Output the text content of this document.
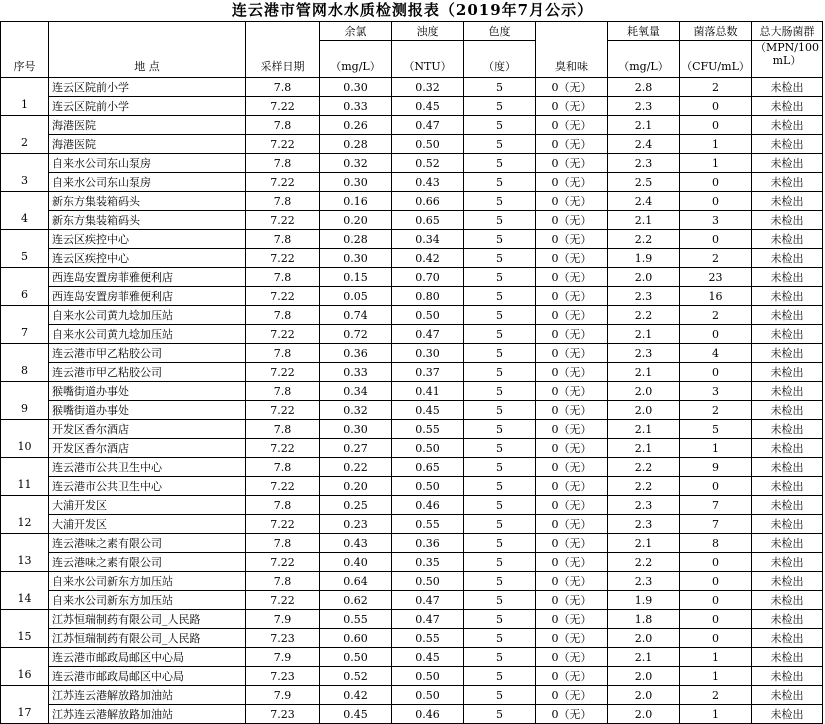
连云港市管网水水质检测报表（2019年7月公示）
序号	地 点	采样日期	余氯	浊度	色度	臭和味	耗氧量	菌落总数	总大肠菌群
			（mg/L）	（NTU）	（度）		（mg/L）	（CFU/mL）	（MPN/100 mL）
1	连云区院前小学	7.8	0.30	0.32	5	0（无）	2.8	2	未检出
	连云区院前小学	7.22	0.33	0.45	5	0（无）	2.3	0	未检出
2	海港医院	7.8	0.26	0.47	5	0（无）	2.1	0	未检出
	海港医院	7.22	0.28	0.50	5	0（无）	2.4	1	未检出
3	自来水公司东山泵房	7.8	0.32	0.52	5	0（无）	2.3	1	未检出
	自来水公司东山泵房	7.22	0.30	0.43	5	0（无）	2.5	0	未检出
4	新东方集装箱码头	7.8	0.16	0.66	5	0（无）	2.4	0	未检出
	新东方集装箱码头	7.22	0.20	0.65	5	0（无）	2.1	3	未检出
5	连云区疾控中心	7.8	0.28	0.34	5	0（无）	2.2	0	未检出
	连云区疾控中心	7.22	0.30	0.42	5	0（无）	1.9	2	未检出
6	西连岛安置房菲雅便利店	7.8	0.15	0.70	5	0（无）	2.0	23	未检出
	西连岛安置房菲雅便利店	7.22	0.05	0.80	5	0（无）	2.3	16	未检出
7	自来水公司黄九埝加压站	7.8	0.74	0.50	5	0（无）	2.2	2	未检出
	自来水公司黄九埝加压站	7.22	0.72	0.47	5	0（无）	2.1	0	未检出
8	连云港市甲乙粘胶公司	7.8	0.36	0.30	5	0（无）	2.3	4	未检出
	连云港市甲乙粘胶公司	7.22	0.33	0.37	5	0（无）	2.1	0	未检出
9	猴嘴街道办事处	7.8	0.34	0.41	5	0（无）	2.0	3	未检出
	猴嘴街道办事处	7.22	0.32	0.45	5	0（无）	2.0	2	未检出
10	开发区香尔酒店	7.8	0.30	0.55	5	0（无）	2.1	5	未检出
	开发区香尔酒店	7.22	0.27	0.50	5	0（无）	2.1	1	未检出
11	连云港市公共卫生中心	7.8	0.22	0.65	5	0（无）	2.2	9	未检出
	连云港市公共卫生中心	7.22	0.20	0.50	5	0（无）	2.2	0	未检出
12	大浦开发区	7.8	0.25	0.46	5	0（无）	2.3	7	未检出
	大浦开发区	7.22	0.23	0.55	5	0（无）	2.3	7	未检出
13	连云港味之素有限公司	7.8	0.43	0.36	5	0（无）	2.1	8	未检出
	连云港味之素有限公司	7.22	0.40	0.35	5	0（无）	2.2	0	未检出
14	自来水公司新东方加压站	7.8	0.64	0.50	5	0（无）	2.3	0	未检出
	自来水公司新东方加压站	7.22	0.62	0.47	5	0（无）	1.9	0	未检出
15	江苏恒瑞制药有限公司_人民路	7.9	0.55	0.47	5	0（无）	1.8	0	未检出
	江苏恒瑞制药有限公司_人民路	7.23	0.60	0.55	5	0（无）	2.0	0	未检出
16	连云港市邮政局邮区中心局	7.9	0.50	0.45	5	0（无）	2.1	1	未检出
	连云港市邮政局邮区中心局	7.23	0.52	0.50	5	0（无）	2.0	1	未检出
17	江苏连云港解放路加油站	7.9	0.42	0.50	5	0（无）	2.0	2	未检出
	江苏连云港解放路加油站	7.23	0.45	0.46	5	0（无）	2.0	1	未检出
